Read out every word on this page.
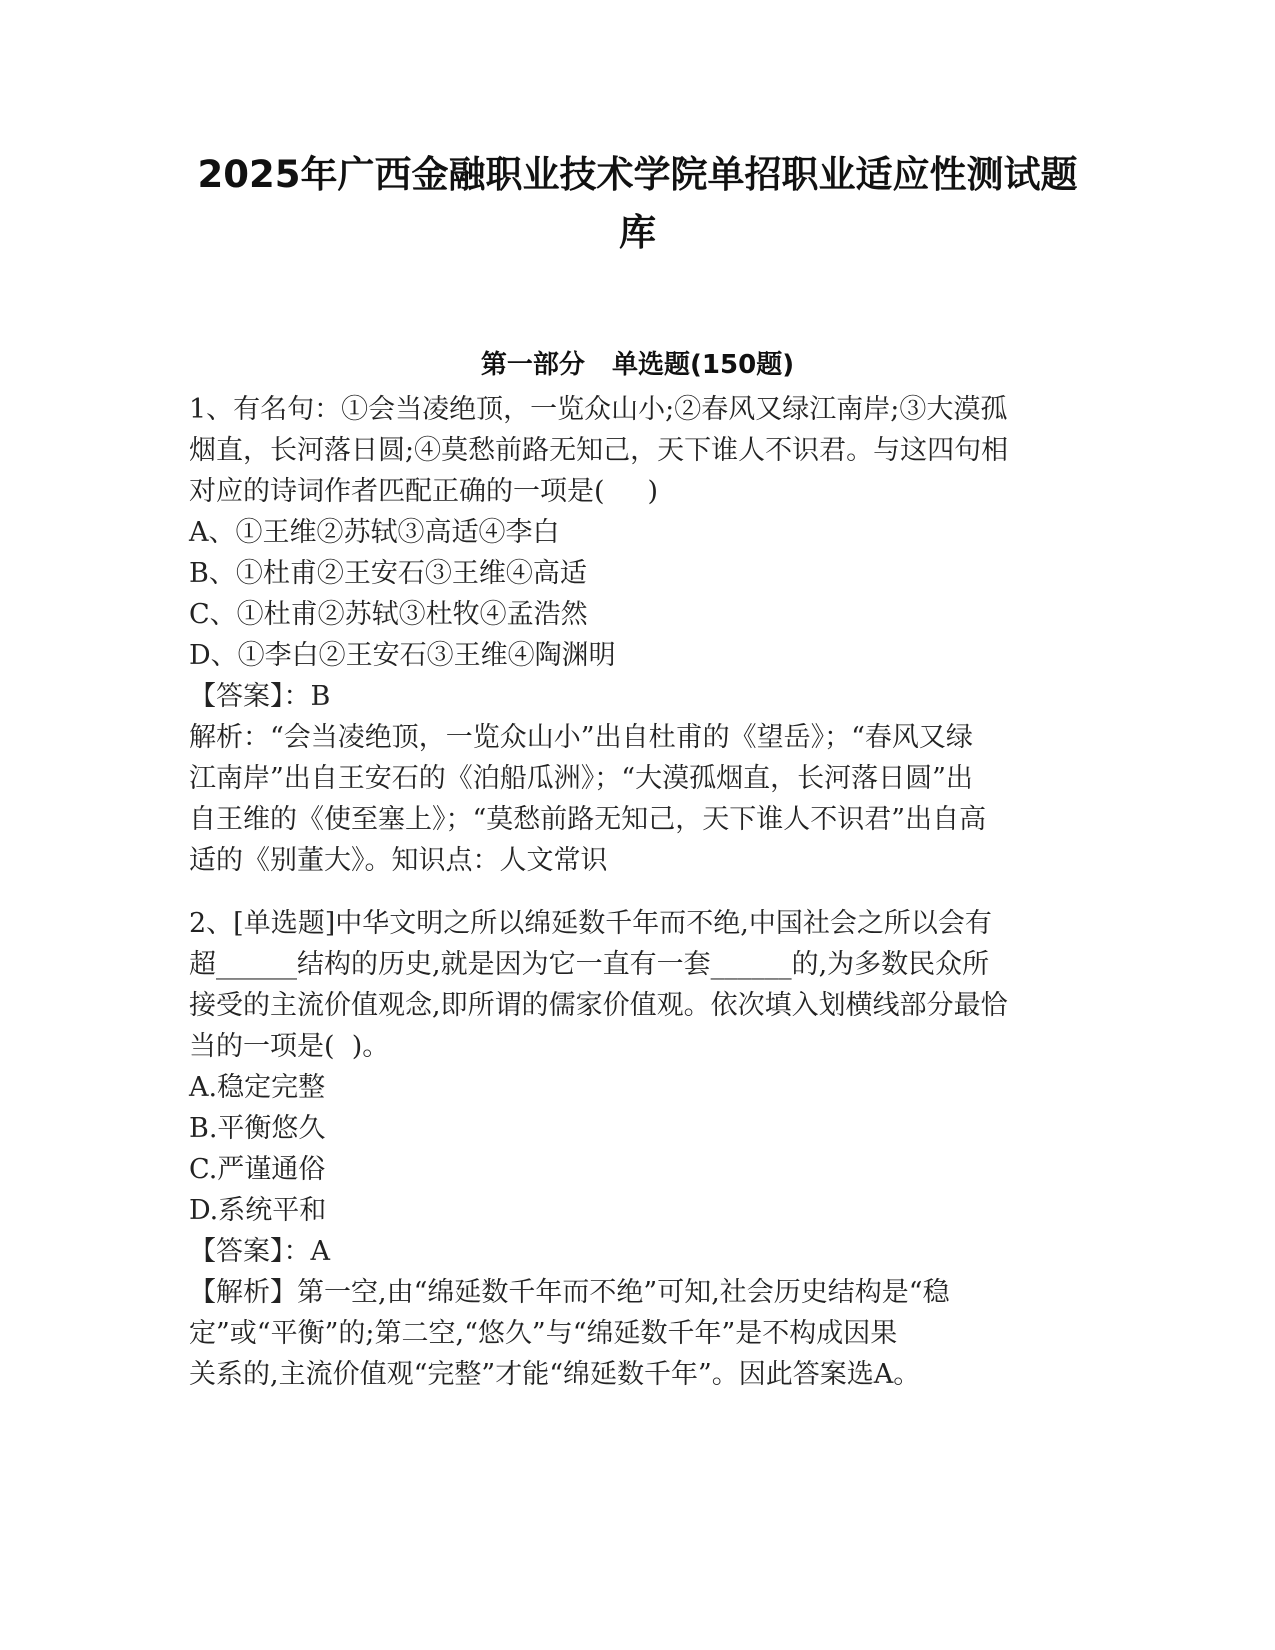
2025年广西金融职业技术学院单招职业适应性测试题
库
第一部分   单选题(150题)
1、有名句：①会当凌绝顶，一览众山小;②春风又绿江南岸;③大漠孤
烟直，长河落日圆;④莫愁前路无知己，天下谁人不识君。与这四句相
对应的诗词作者匹配正确的一项是(     )
A、①王维②苏轼③高适④李白
B、①杜甫②王安石③王维④高适
C、①杜甫②苏轼③杜牧④孟浩然
D、①李白②王安石③王维④陶渊明
【答案】：B
解析：“会当凌绝顶，一览众山小”出自杜甫的《望岳》；“春风又绿
江南岸”出自王安石的《泊船瓜洲》；“大漠孤烟直，长河落日圆”出
自王维的《使至塞上》；“莫愁前路无知己，天下谁人不识君”出自高
适的《别董大》。知识点：人文常识
2、[单选题]中华文明之所以绵延数千年而不绝,中国社会之所以会有
超______结构的历史,就是因为它一直有一套______的,为多数民众所
接受的主流价值观念,即所谓的儒家价值观。依次填入划横线部分最恰
当的一项是(  )。
A.稳定完整
B.平衡悠久
C.严谨通俗
D.系统平和
【答案】：A
【解析】第一空,由“绵延数千年而不绝”可知,社会历史结构是“稳
定”或“平衡”的;第二空,“悠久”与“绵延数千年”是不构成因果
关系的,主流价值观“完整”才能“绵延数千年”。因此答案选A。
